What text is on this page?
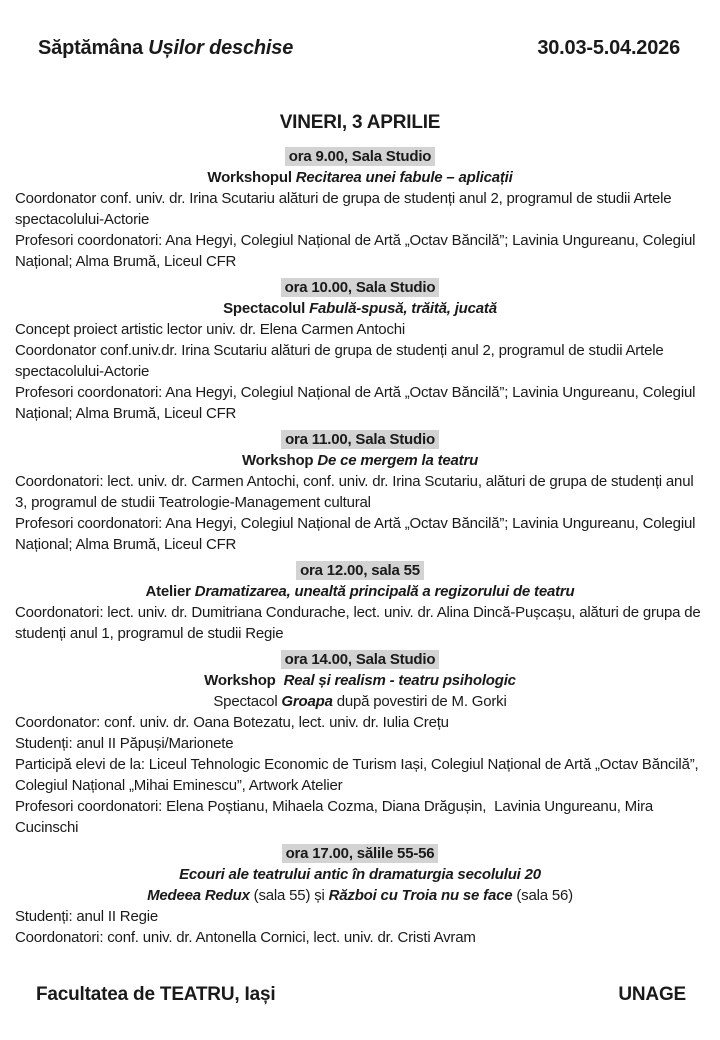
Săptămâna Ușilor deschise	30.03-5.04.2026
VINERI, 3 APRILIE
ora 9.00, Sala Studio
Workshopul Recitarea unei fabule – aplicații
Coordonator conf. univ. dr. Irina Scutariu alături de grupa de studenți anul 2, programul de studii Artele spectacolului-Actorie
Profesori coordonatori: Ana Hegyi, Colegiul Național de Artă „Octav Băncilă”; Lavinia Ungureanu, Colegiul Național; Alma Brumă, Liceul CFR
ora 10.00, Sala Studio
Spectacolul Fabulă-spusă, trăită, jucată
Concept proiect artistic lector univ. dr. Elena Carmen Antochi
Coordonator conf.univ.dr. Irina Scutariu alături de grupa de studenți anul 2, programul de studii Artele spectacolului-Actorie
Profesori coordonatori: Ana Hegyi, Colegiul Național de Artă „Octav Băncilă”; Lavinia Ungureanu, Colegiul Național; Alma Brumă, Liceul CFR
ora 11.00, Sala Studio
Workshop De ce mergem la teatru
Coordonatori: lect. univ. dr. Carmen Antochi, conf. univ. dr. Irina Scutariu, alături de grupa de studenți anul 3, programul de studii Teatrologie-Management cultural
Profesori coordonatori: Ana Hegyi, Colegiul Național de Artă „Octav Băncilă”; Lavinia Ungureanu, Colegiul Național; Alma Brumă, Liceul CFR
ora 12.00, sala 55
Atelier Dramatizarea, unealtă principală a regizorului de teatru
Coordonatori: lect. univ. dr. Dumitriana Condurache, lect. univ. dr. Alina Dincă-Pușcașu, alături de grupa de studenți anul 1, programul de studii Regie
ora 14.00, Sala Studio
Workshop  Real și realism - teatru psihologic
Spectacol Groapa după povestiri de M. Gorki
Coordonator: conf. univ. dr. Oana Botezatu, lect. univ. dr. Iulia Crețu
Studenți: anul II Păpuși/Marionete
Participă elevi de la: Liceul Tehnologic Economic de Turism Iași, Colegiul Național de Artă „Octav Băncilă”, Colegiul Național „Mihai Eminescu”, Artwork Atelier
Profesori coordonatori: Elena Poștianu, Mihaela Cozma, Diana Drăgușin,  Lavinia Ungureanu, Mira Cucinschi
ora 17.00, sălile 55-56
Ecouri ale teatrului antic în dramaturgia secolului 20
Medeea Redux (sala 55) și Război cu Troia nu se face (sala 56)
Studenți: anul II Regie
Coordonatori: conf. univ. dr. Antonella Cornici, lect. univ. dr. Cristi Avram
Facultatea de TEATRU, Iași	UNAGE
